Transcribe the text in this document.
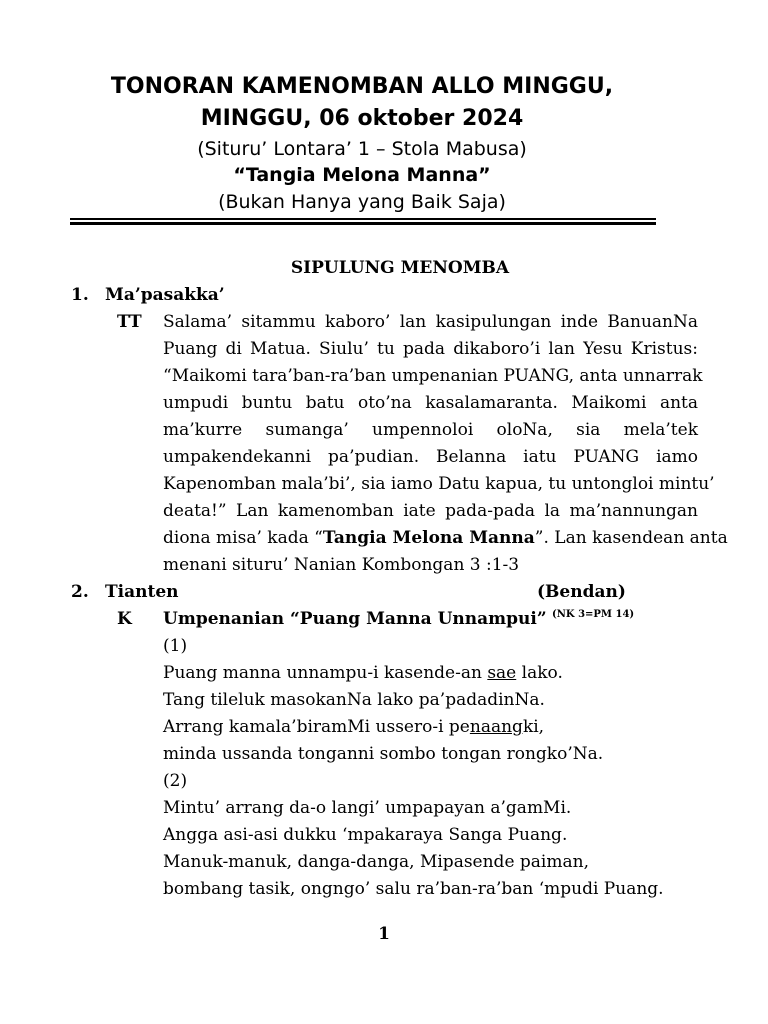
TONORAN KAMENOMBAN ALLO MINGGU,
MINGGU, 06 oktober 2024
(Situru’ Lontara’ 1 – Stola Mabusa)
“Tangia Melona Manna”
(Bukan Hanya yang Baik Saja)
SIPULUNG MENOMBA
1. Ma’pasakka’
TT Salama’ sitammu kaboro’ lan kasipulungan inde BanuanNa
Puang di Matua. Siulu’ tu pada dikaboro’i lan Yesu Kristus:
“Maikomi tara’ban-ra’ban umpenanian PUANG, anta unnarrak
umpudi buntu batu oto’na kasalamaranta. Maikomi anta
ma’kurre sumanga’ umpennoloi oloNa, sia mela’tek
umpakendekanni pa’pudian. Belanna iatu PUANG iamo
Kapenomban mala’bi’, sia iamo Datu kapua, tu untongloi mintu’
deata!” Lan kamenomban iate pada-pada la ma’nannungan
diona misa’ kada “Tangia Melona Manna”. Lan kasendean anta
menani situru’ Nanian Kombongan 3 :1-3
2. Tianten	(Bendan)
K Umpenanian “Puang Manna Unnampui” $^{(NK 3=PM 14)}$
(1)
Puang manna unnampu-i kasende-an sae lako.
Tang tileluk masokanNa lako pa’padadinNa.
Arrang kamala’biramMi ussero-i penaangki,
minda ussanda tonganni sombo tongan rongko’Na.
(2)
Mintu’ arrang da-o langi’ umpapayan a’gamMi.
Angga asi-asi dukku ‘mpakaraya Sanga Puang.
Manuk-manuk, danga-danga, Mipasende paiman,
bombang tasik, ongngo’ salu ra’ban-ra’ban ‘mpudi Puang.
1
